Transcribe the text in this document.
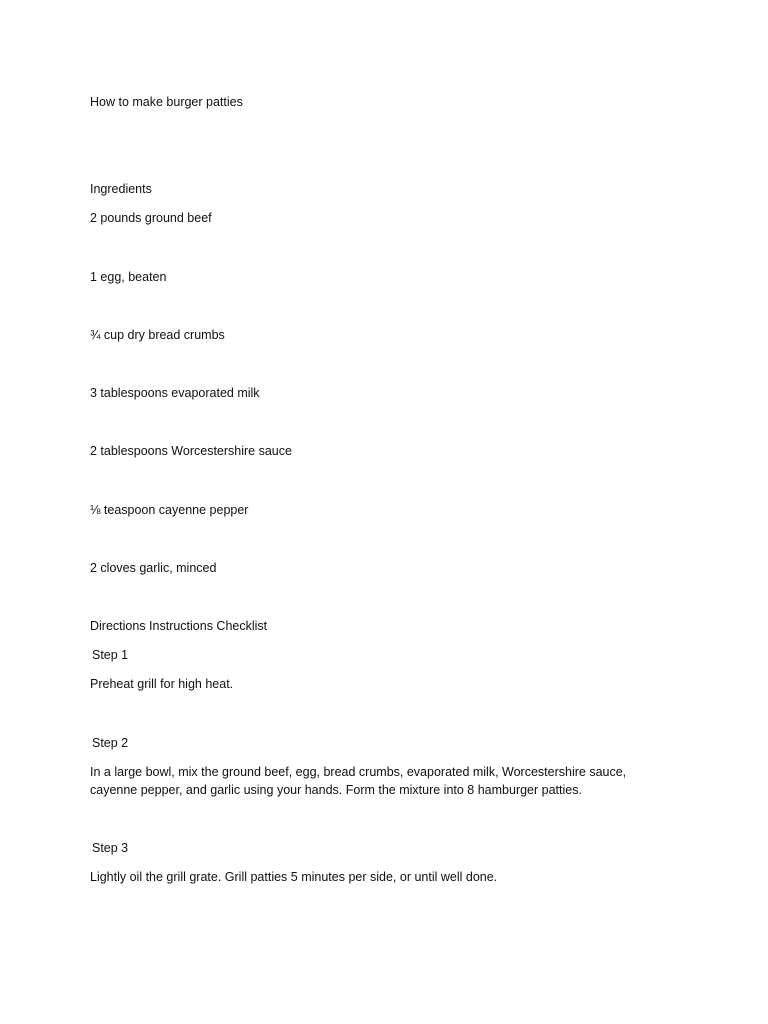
How to make burger patties
Ingredients
2 pounds ground beef
1 egg, beaten
¾ cup dry bread crumbs
3 tablespoons evaporated milk
2 tablespoons Worcestershire sauce
⅛ teaspoon cayenne pepper
2 cloves garlic, minced
Directions Instructions Checklist
Step 1
Preheat grill for high heat.
Step 2
In a large bowl, mix the ground beef, egg, bread crumbs, evaporated milk, Worcestershire sauce, cayenne pepper, and garlic using your hands. Form the mixture into 8 hamburger patties.
Step 3
Lightly oil the grill grate. Grill patties 5 minutes per side, or until well done.
